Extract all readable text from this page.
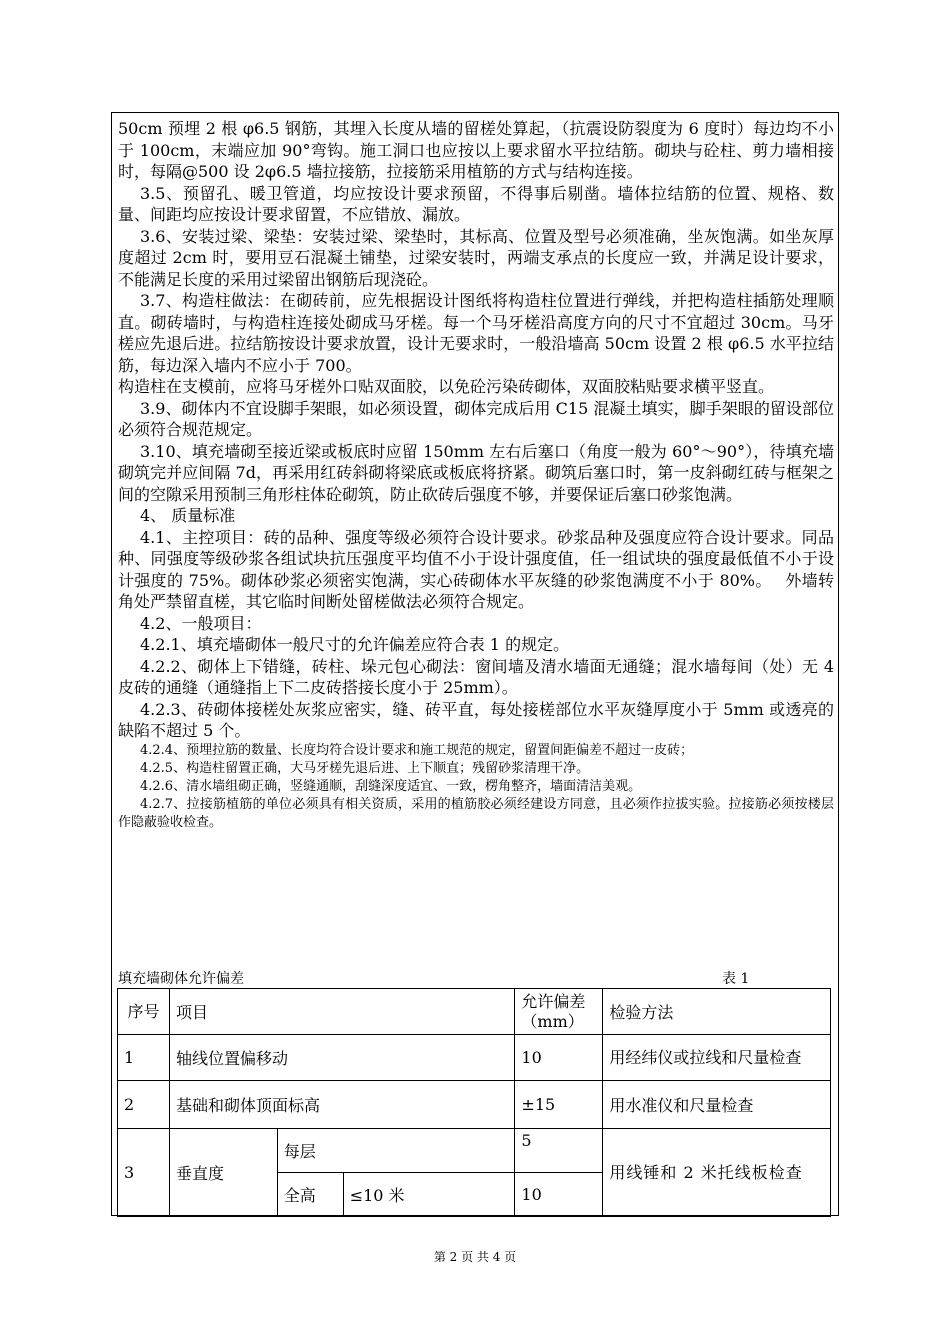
50cm 预埋 2 根 φ6.5 钢筋，其埋入长度从墙的留槎处算起，（抗震设防裂度为 6 度时）每边均不小于 100cm，末端应加 90°弯钩。施工洞口也应按以上要求留水平拉结筋。砌块与砼柱、剪力墙相接时，每隔@500 设 2φ6.5 墙拉接筋，拉接筋采用植筋的方式与结构连接。

3.5、预留孔、暖卫管道，均应按设计要求预留，不得事后剔凿。墙体拉结筋的位置、规格、数量、间距均应按设计要求留置，不应错放、漏放。

3.6、安装过梁、梁垫：安装过梁、梁垫时，其标高、位置及型号必须准确，坐灰饱满。如坐灰厚度超过 2cm 时，要用豆石混凝土铺垫，过梁安装时，两端支承点的长度应一致，并满足设计要求，不能满足长度的采用过梁留出钢筋后现浇砼。

3.7、构造柱做法：在砌砖前，应先根据设计图纸将构造柱位置进行弹线，并把构造柱插筋处理顺直。砌砖墙时，与构造柱连接处砌成马牙槎。每一个马牙槎沿高度方向的尺寸不宜超过 30cm。马牙槎应先退后进。拉结筋按设计要求放置，设计无要求时，一般沿墙高 50cm 设置 2 根 φ6.5 水平拉结筋，每边深入墙内不应小于 700。

构造柱在支模前，应将马牙槎外口贴双面胶，以免砼污染砖砌体，双面胶粘贴要求横平竖直。

3.9、砌体内不宜设脚手架眼，如必须设置，砌体完成后用 C15 混凝土填实，脚手架眼的留设部位必须符合规范规定。

3.10、填充墙砌至接近梁或板底时应留 150mm 左右后塞口（角度一般为 60°～90°），待填充墙砌筑完并应间隔 7d，再采用红砖斜砌将梁底或板底将挤紧。砌筑后塞口时，第一皮斜砌红砖与框架之间的空隙采用预制三角形柱体砼砌筑，防止砍砖后强度不够，并要保证后塞口砂浆饱满。

4、 质量标准

4.1、主控项目：砖的品种、强度等级必须符合设计要求。砂浆品种及强度应符合设计要求。同品种、同强度等级砂浆各组试块抗压强度平均值不小于设计强度值，任一组试块的强度最低值不小于设计强度的 75%。砌体砂浆必须密实饱满，实心砖砌体水平灰缝的砂浆饱满度不小于 80%。　 外墙转角处严禁留直槎，其它临时间断处留槎做法必须符合规定。

4.2、一般项目：

4.2.1、填充墙砌体一般尺寸的允许偏差应符合表 1 的规定。

4.2.2、砌体上下错缝，砖柱、垛元包心砌法：窗间墙及清水墙面无通缝；混水墙每间（处）无 4 皮砖的通缝（通缝指上下二皮砖搭接长度小于 25mm）。

4.2.3、砖砌体接槎处灰浆应密实，缝、砖平直，每处接槎部位水平灰缝厚度小于 5mm 或透亮的缺陷不超过 5 个。

4.2.4、预埋拉筋的数量、长度均符合设计要求和施工规范的规定，留置间距偏差不超过一皮砖；

4.2.5、构造柱留置正确，大马牙槎先退后进、上下顺直；残留砂浆清理干净。

4.2.6、清水墙组砌正确，竖缝通顺，刮缝深度适宜、一致，楞角整齐，墙面清洁美观。

4.2.7、拉接筋植筋的单位必须具有相关资质，采用的植筋胶必须经建设方同意，且必须作拉拔实验。拉接筋必须按楼层作隐蔽验收检查。

填充墙砌体允许偏差	表 1
序号	项目			允许偏差（mm）	检验方法
1	轴线位置偏移动			10	用经纬仪或拉线和尺量检查
2	基础和砌体顶面标高			±15	用水准仪和尺量检查
3	垂直度	每层		5	用线锤和 2 米托线板检查
		全高	≤10 米	10	
第 2 页 共 4 页
